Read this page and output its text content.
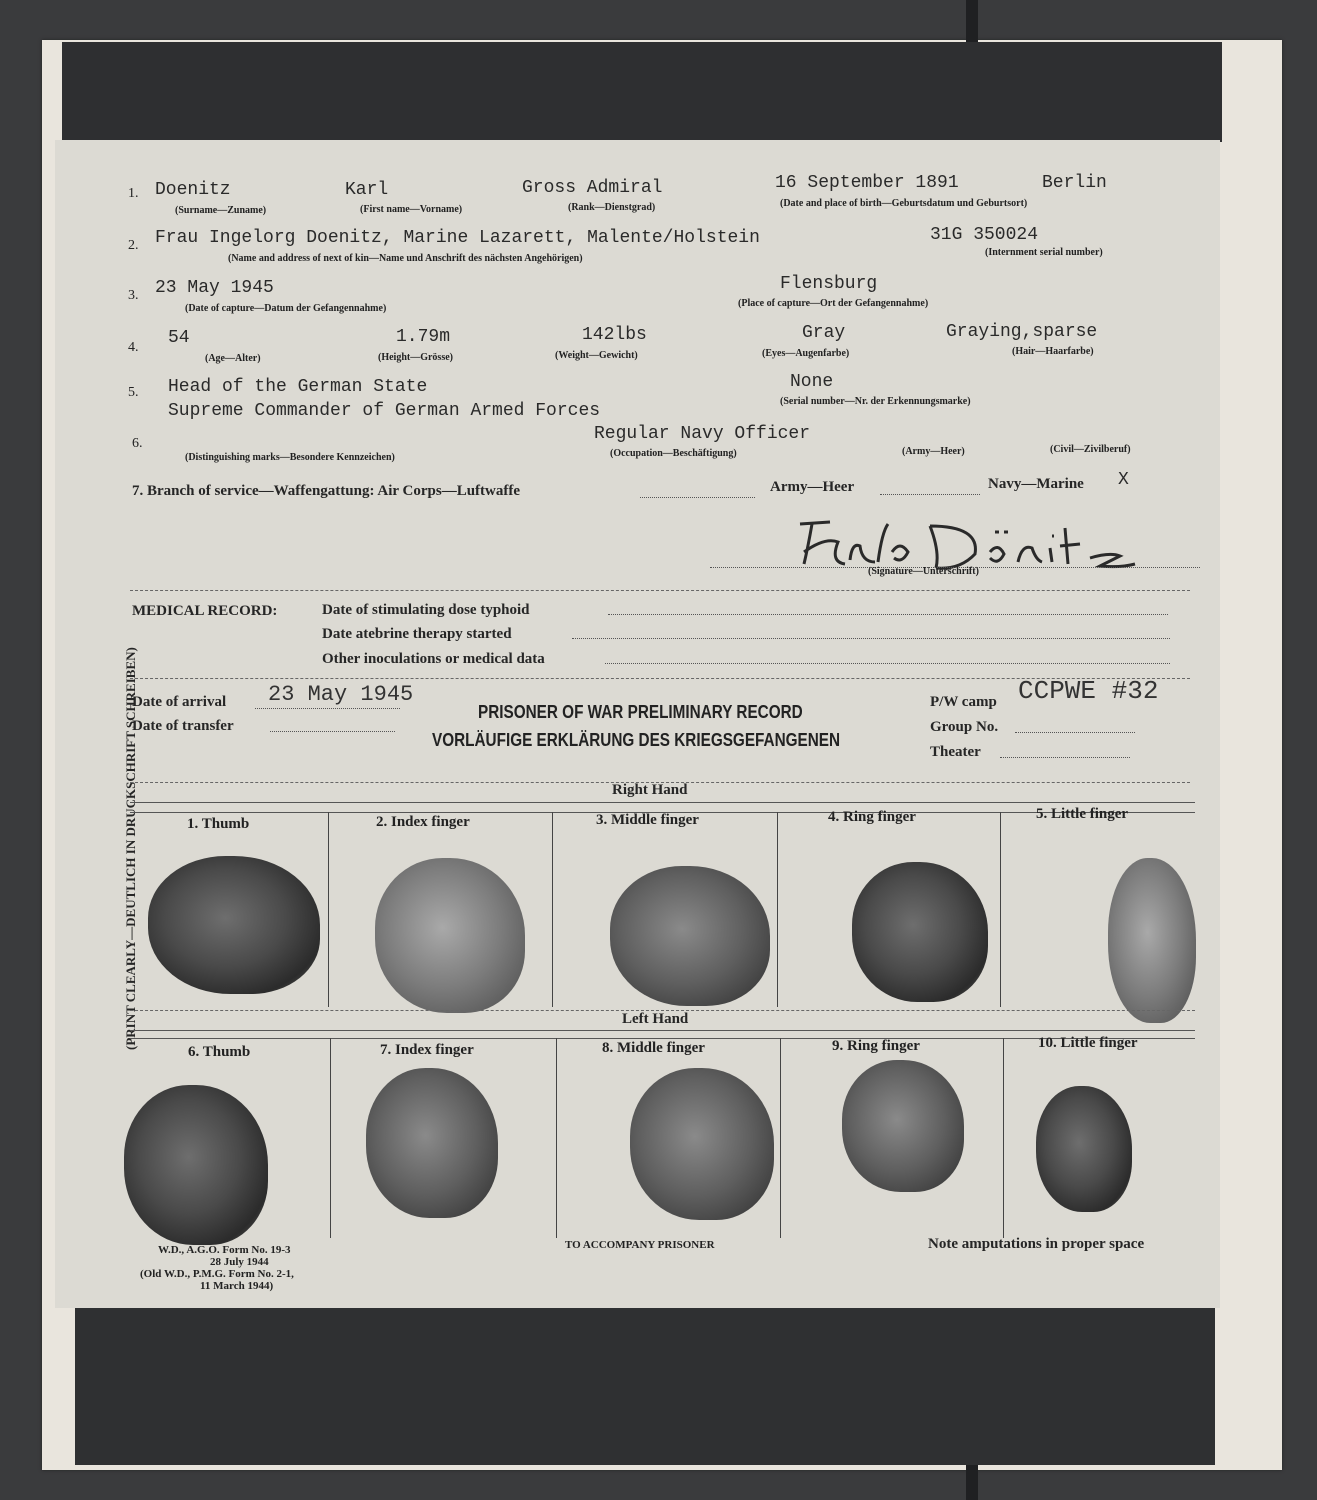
(PRINT CLEARLY—DEUTLICH IN DRUCKSCHRIFT SCHREIBEN)
1. Doenitz	Karl	Gross Admiral	16 September 1891	Berlin
(Surname—Zuname)	(First name—Vorname)	(Rank—Dienstgrad)	(Date and place of birth—Geburtsdatum und Geburtsort)
2. Frau Ingelorg Doenitz, Marine Lazarett, Malente/Holstein	31G 350024
(Name and address of next of kin—Name und Anschrift des nächsten Angehörigen)
(Internment serial number)
3. 23 May 1945	Flensburg
(Date of capture—Datum der Gefangennahme)	(Place of capture—Ort der Gefangennahme)
4. 54	1.79m	142lbs	Gray	Graying,sparse
(Age—Alter)	(Height—Grösse)	(Weight—Gewicht)	(Eyes—Augenfarbe)	(Hair—Haarfarbe)
5. Head of the German State
Supreme Commander of German Armed Forces
None
(Serial number—Nr. der Erkennungsmarke)
6.	Regular Navy Officer
(Distinguishing marks—Besondere Kennzeichen)	(Occupation—Beschäftigung)	(Army—Heer)	(Civil—Zivilberuf)
7. Branch of service—Waffengattung: Air Corps—Luftwaffe	Army—Heer	Navy—Marine X
(Signature—Unterschrift)
MEDICAL RECORD:	Date of stimulating dose typhoid
Date atebrine therapy started
Other inoculations or medical data
Date of arrival 23 May 1945
Date of transfer
PRISONER OF WAR PRELIMINARY RECORD
VORLÄUFIGE ERKLÄRUNG DES KRIEGSGEFANGENEN
P/W camp CCPWE #32
Group No.
Theater
Right Hand
1. Thumb	2. Index finger	3. Middle finger	4. Ring finger	5. Little finger
Left Hand
6. Thumb	7. Index finger	8. Middle finger	9. Ring finger	10. Little finger
W.D., A.G.O. Form No. 19-3
28 July 1944
(Old W.D., P.M.G. Form No. 2-1,
11 March 1944)
TO ACCOMPANY PRISONER	Note amputations in proper space
